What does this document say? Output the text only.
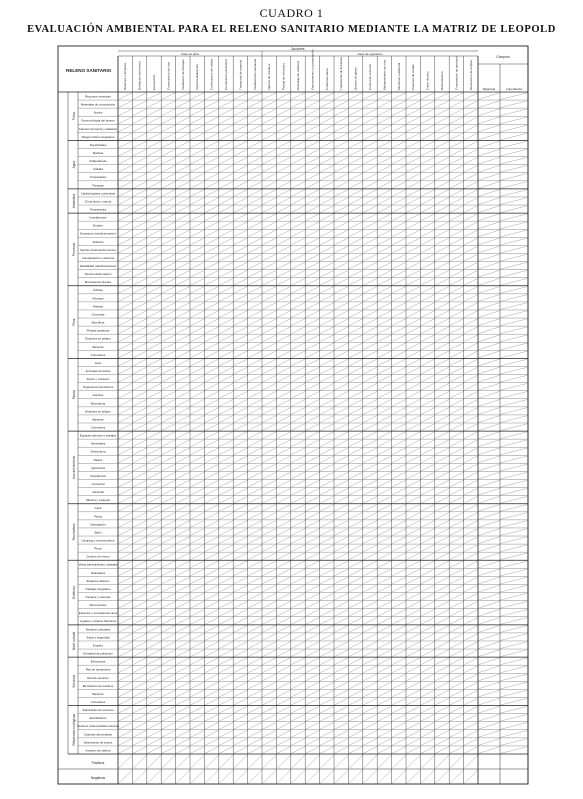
CUADRO 1
EVALUACIÓN AMBIENTAL PARA EL RELENO SANITARIO MEDIANTE LA MATRIZ DE LEOPOLD
Acciones
Fase de obra	Fase de operación
RELENO SANITARIO
Cómputo
Magnitud	Importancia
Desbroce y limpieza	Nivelación del terreno	Excavación	Construcción de vías	Instalación de drenajes	Impermeabilización	Construcción de celdas	Cerramiento perimetral	Transporte de material	Instalaciones sanitarias	Ingreso de residuos	Pesaje de vehículos	Descarga de residuos	Esparcimiento y compactación	Cobertura diaria	Tratamiento de lixiviados	Quema de gases	Control de vectores	Mantenimiento de vías	Monitoreo ambiental	Clausura de celdas	Cierre técnico	Reforestación	Contratación de personal	Generación de empleo
Tierra
Recursos minerales
Materiales de construcción
Suelos
Geomorfología del terreno
Campos de fuerza y radiación
Rasgos físicos singulares
Agua
Superficiales
Marinas
Subterráneas
Calidad
Temperatura
Recarga
Atmósfera
Calidad (gases, partículas)
Clima (micro, macro)
Temperatura
Procesos
Inundaciones
Erosión
Deposición (sedimentación)
Solución
Sorción (intercambio iónico)
Compactación y asientos
Estabilidad (deslizamientos)
Tensión-deformación
Movimientos del aire
Flora
Árboles
Arbustos
Hierbas
Cosechas
Microflora
Plantas acuáticas
Especies en peligro
Barreras
Corredores
Fauna
Aves
Animales terrestres
Peces y mariscos
Organismos bentónicos
Insectos
Microfauna
Especies en peligro
Barreras
Corredores
Uso del territorio
Espacios abiertos y salvajes
Humedales
Selvicultura
Pastos
Agricultura
Residencial
Comercial
Industrial
Minería y canteras
Recreativos
Caza
Pesca
Navegación
Baño
Camping y excursionismo
Picnic
Centros de recreo
Estéticos
Vistas panorámicas y paisajes
Naturaleza
Espacios abiertos
Paisajes singulares
Parques y reservas
Monumentos
Especies o ecosistemas raros
Lugares u objetos históricos
Nivel cultural
Modelos culturales
Salud y seguridad
Empleo
Densidad de población
Servicios
Estructuras
Red de transportes
Red de servicios
Eliminación de residuos
Barreras
Corredores
Relaciones ecológicas
Salinización de recursos
Eutrofización
Vectores enfermedades-insectos
Cadenas alimentarias
Salinización de suelos
Invasión de maleza
Positivos
Negativos
